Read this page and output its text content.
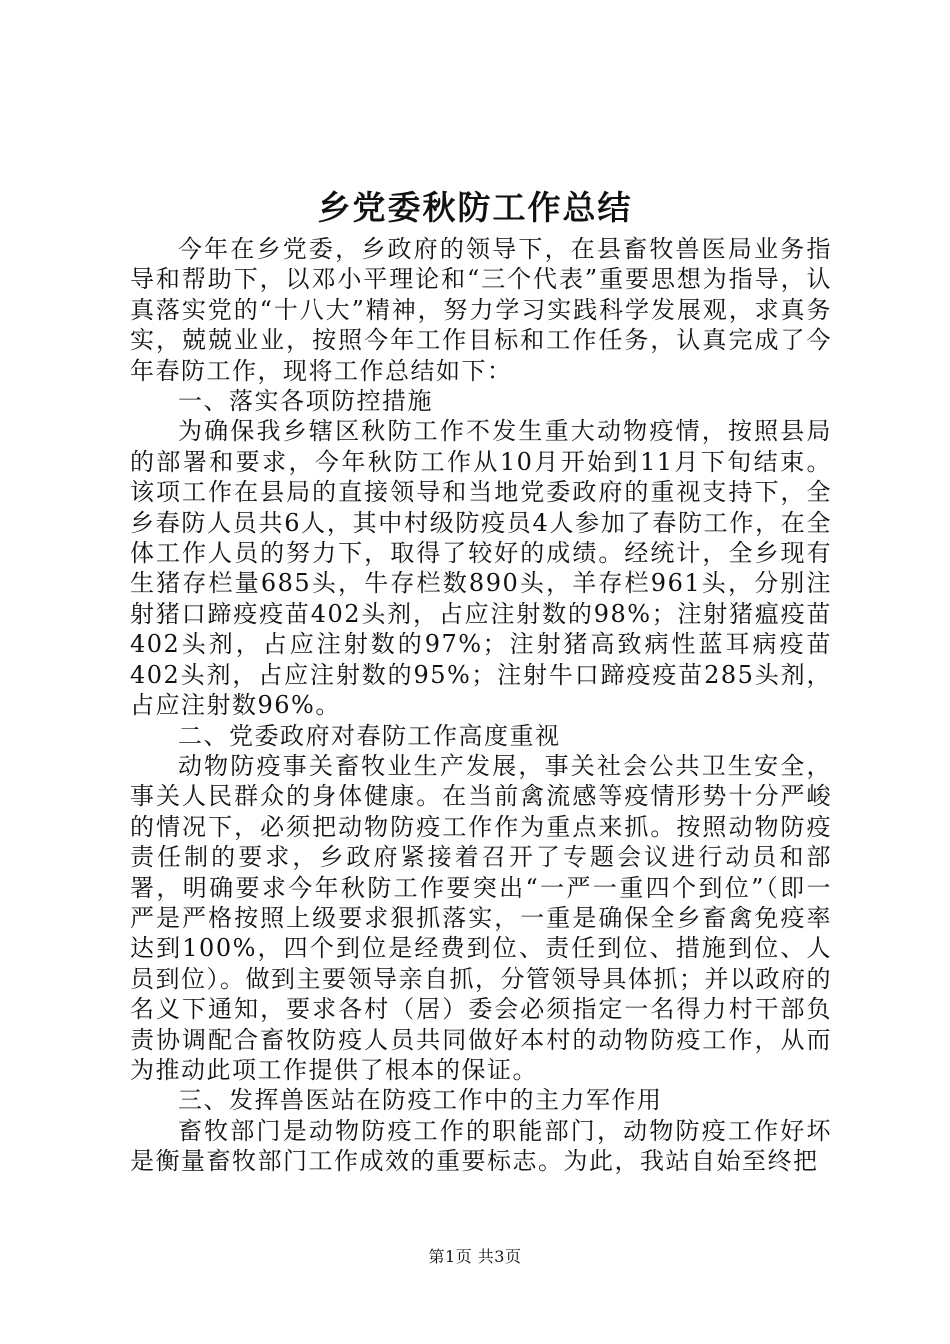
乡党委秋防工作总结

今年在乡党委，乡政府的领导下，在县畜牧兽医局业务指导和帮助下，以邓小平理论和“三个代表”重要思想为指导，认真落实党的“十八大”精神，努力学习实践科学发展观，求真务实，兢兢业业，按照今年工作目标和工作任务，认真完成了今年春防工作，现将工作总结如下：

一、落实各项防控措施

为确保我乡辖区秋防工作不发生重大动物疫情，按照县局的部署和要求，今年秋防工作从10月开始到11月下旬结束。该项工作在县局的直接领导和当地党委政府的重视支持下，全乡春防人员共6人，其中村级防疫员4人参加了春防工作，在全体工作人员的努力下，取得了较好的成绩。经统计，全乡现有生猪存栏量685头，牛存栏数890头，羊存栏961头，分别注射猪口蹄疫疫苗402头剂，占应注射数的98%；注射猪瘟疫苗402头剂，占应注射数的97%；注射猪高致病性蓝耳病疫苗402头剂，占应注射数的95%；注射牛口蹄疫疫苗285头剂，占应注射数96%。

二、党委政府对春防工作高度重视

动物防疫事关畜牧业生产发展，事关社会公共卫生安全，事关人民群众的身体健康。在当前禽流感等疫情形势十分严峻的情况下，必须把动物防疫工作作为重点来抓。按照动物防疫责任制的要求，乡政府紧接着召开了专题会议进行动员和部署，明确要求今年秋防工作要突出“一严一重四个到位”（即一严是严格按照上级要求狠抓落实，一重是确保全乡畜禽免疫率达到100%，四个到位是经费到位、责任到位、措施到位、人员到位）。做到主要领导亲自抓，分管领导具体抓；并以政府的名义下通知，要求各村（居）委会必须指定一名得力村干部负责协调配合畜牧防疫人员共同做好本村的动物防疫工作，从而为推动此项工作提供了根本的保证。

三、发挥兽医站在防疫工作中的主力军作用

畜牧部门是动物防疫工作的职能部门，动物防疫工作好坏是衡量畜牧部门工作成效的重要标志。为此，我站自始至终把

第1页 共3页
